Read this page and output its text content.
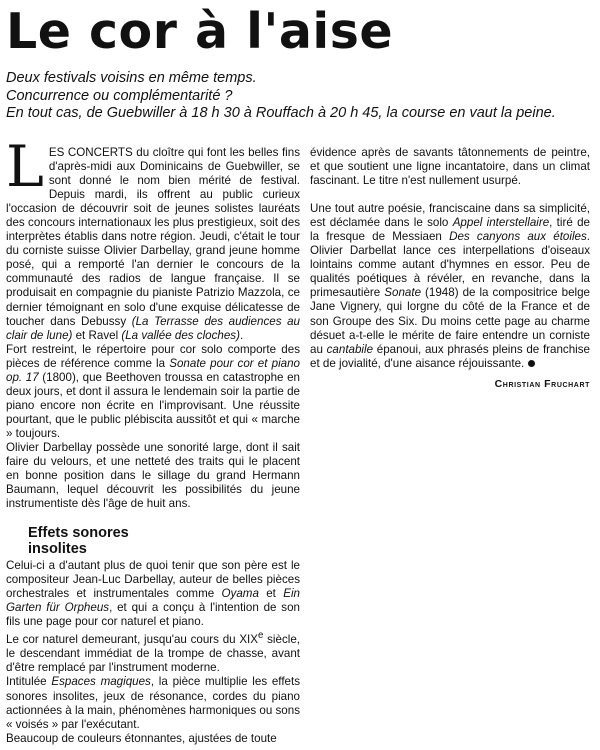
Le cor à l'aise
Deux festivals voisins en même temps.
Concurrence ou complémentarité ?
En tout cas, de Guebwiller à 18 h 30 à Rouffach à 20 h 45, la course en vaut la peine.

LES CONCERTS du cloître qui font les belles fins d'après-midi aux Dominicains de Guebwiller, se sont donné le nom bien mérité de festival. Depuis mardi, ils offrent au public curieux l'occasion de découvrir soit de jeunes solistes lauréats des concours internationaux les plus prestigieux, soit des interprètes établis dans notre région. Jeudi, c'était le tour du corniste suisse Olivier Darbellay, grand jeune homme posé, qui a remporté l'an dernier le concours de la communauté des radios de langue française. Il se produisait en compagnie du pianiste Patrizio Mazzola, ce dernier témoignant en solo d'une exquise délicatesse de toucher dans Debussy (La Terrasse des audiences au clair de lune) et Ravel (La vallée des cloches).

Fort restreint, le répertoire pour cor solo comporte des pièces de référence comme la Sonate pour cor et piano op. 17 (1800), que Beethoven troussa en catastrophe en deux jours, et dont il assura le lendemain soir la partie de piano encore non écrite en l'improvisant. Une réussite pourtant, que le public plébiscita aussitôt et qui « marche » toujours.

Olivier Darbellay possède une sonorité large, dont il sait faire du velours, et une netteté des traits qui le placent en bonne position dans le sillage du grand Hermann Baumann, lequel découvrit les possibilités du jeune instrumentiste dès l'âge de huit ans.

Effets sonores
insolites

Celui-ci a d'autant plus de quoi tenir que son père est le compositeur Jean-Luc Darbellay, auteur de belles pièces orchestrales et instrumentales comme Oyama et Ein Garten für Orpheus, et qui a conçu à l'intention de son fils une page pour cor naturel et piano.

Le cor naturel demeurant, jusqu'au cours du XIXe siècle, le descendant immédiat de la trompe de chasse, avant d'être remplacé par l'instrument moderne.

Intitulée Espaces magiques, la pièce multiplie les effets sonores insolites, jeux de résonance, cordes du piano actionnées à la main, phénomènes harmoniques ou sons « voisés » par l'exécutant.

Beaucoup de couleurs étonnantes, ajustées de toute

évidence après de savants tâtonnements de peintre, et que soutient une ligne incantatoire, dans un climat fascinant. Le titre n'est nullement usurpé.

Une tout autre poésie, franciscaine dans sa simplicité, est déclamée dans le solo Appel interstellaire, tiré de la fresque de Messiaen Des canyons aux étoiles. Olivier Darbellat lance ces interpellations d'oiseaux lointains comme autant d'hymnes en essor. Peu de qualités poétiques à révéler, en revanche, dans la primesautière Sonate (1948) de la compositrice belge Jane Vignery, qui lorgne du côté de la France et de son Groupe des Six. Du moins cette page au charme désuet a-t-elle le mérite de faire entendre un corniste au cantabile épanoui, aux phrasés pleins de franchise et de jovialité, d'une aisance réjouissante.

Christian Fruchart
